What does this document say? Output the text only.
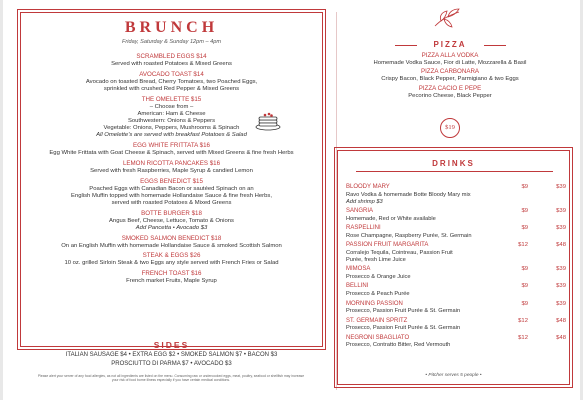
BRUNCH
Friday, Saturday & Sunday 12pm – 4pm
SCRAMBLED EGGS $14
Served with roasted Potatoes & Mixed Greens
AVOCADO TOAST $14
Avocado on toasted Bread, Cherry Tomatoes, two Poached Eggs,
sprinkled with crushed Red Pepper & Mixed Greens
THE OMELETTE $15
– Choose from –
American: Ham & Cheese
Southwestern: Onions & Peppers
Vegetable: Onions, Peppers, Mushrooms & Spinach
All Omelette's are served with breakfast Potatoes & Salad
EGG WHITE FRITTATA $16
Egg White Frittata with Goat Cheese & Spinach, served with Mixed Greens & fine fresh Herbs
LEMON RICOTTA PANCAKES $16
Served with fresh Raspberries, Maple Syrup & candied Lemon
EGGS BENEDICT $15
Poached Eggs with Canadian Bacon or sautéed Spinach on an
English Muffin topped with homemade Hollandaise Sauce & fine fresh Herbs,
served with roasted Potatoes & Mixed Greens
BOTTE BURGER $18
Angus Beef, Cheese, Lettuce, Tomato & Onions
Add Pancetta • Avocado $3
SMOKED SALMON BENEDICT $18
On an English Muffin with homemade Hollandaise Sauce & smoked Scottish Salmon
STEAK & EGGS $26
10 oz. grilled Sirloin Steak & two Eggs any style served with French Fries or Salad
FRENCH TOAST $16
French market Fruits, Maple Syrup
SIDES
ITALIAN SAUSAGE $4 • EXTRA EGG $2 • SMOKED SALMON $7 • BACON $3
PROSCIUTTO DI PARMA $7 • AVOCADO $3
Please alert your server of any food allergies, as not all ingredients are listed on the menu. Consuming raw or undercooked eggs, meat, poultry, seafood or shellfish may increase your risk of food borne illness especially if you have certain medical conditions.
PIZZA
PIZZA ALLA VODKA
Homemade Vodka Sauce, Fior di Latte, Mozzarella & Basil
PIZZA CARBONARA
Crispy Bacon, Black Pepper, Parmigiano & two Eggs
PIZZA CACIO E PEPE
Pecorino Cheese, Black Pepper
$19
DRINKS
BLOODY MARY
Ravo Vodka & homemade Botte Bloody Mary mix
Add shrimp $3
$9	$39
SANGRIA
Homemade, Red or White available
$9	$39
RASPELLINI
Rose Champagne, Raspberry Purée, St. Germain
$9	$39
PASSION FRUIT MARGARITA
Corralejo Tequila, Cointreau, Passion Fruit
Purée, fresh Lime Juice
$12	$48
MIMOSA
Prosecco & Orange Juice
$9	$39
BELLINI
Prosecco & Peach Purée
$9	$39
MORNING PASSION
Prosecco, Passion Fruit Purée & St. Germain
$9	$39
ST. GERMAIN SPRITZ
Prosecco, Passion Fruit Purée & St. Germain
$12	$48
NEGRONI SBAGLIATO
Prosecco, Contratto Bitter, Red Vermouth
$12	$48
• Pitcher serves 5 people •
